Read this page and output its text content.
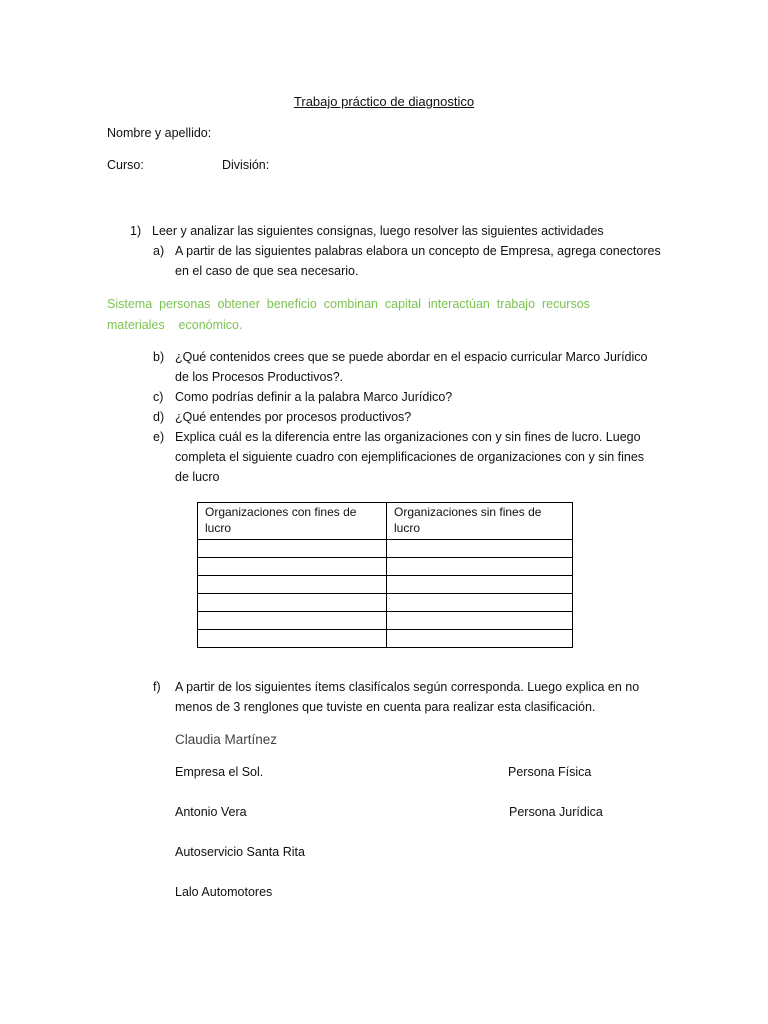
Trabajo práctico de diagnostico
Nombre y apellido:
Curso:	División:
1) Leer y analizar las siguientes consignas, luego resolver las siguientes actividades
a) A partir de las siguientes palabras elabora un concepto de Empresa, agrega conectores
en el caso de que sea necesario.
Sistema  personas  obtener  beneficio  combinan  capital  interactúan  trabajo  recursos
materiales    económico.
b) ¿Qué contenidos crees que se puede abordar en el espacio curricular Marco Jurídico
de los Procesos Productivos?.
c) Como podrías definir a la palabra Marco Jurídico?
d) ¿Qué entendes por procesos productivos?
e) Explica cuál es la diferencia entre las organizaciones con y sin fines de lucro. Luego
completa el siguiente cuadro con ejemplificaciones de organizaciones con y sin fines
de lucro
Organizaciones con fines de lucro	Organizaciones sin fines de lucro

f) A partir de los siguientes ítems clasifícalos según corresponda. Luego explica en no
menos de 3 renglones que tuviste en cuenta para realizar esta clasificación.
Claudia Martínez
Empresa el Sol.
Antonio Vera
Autoservicio Santa Rita
Lalo Automotores
Persona Física
Persona Jurídica
